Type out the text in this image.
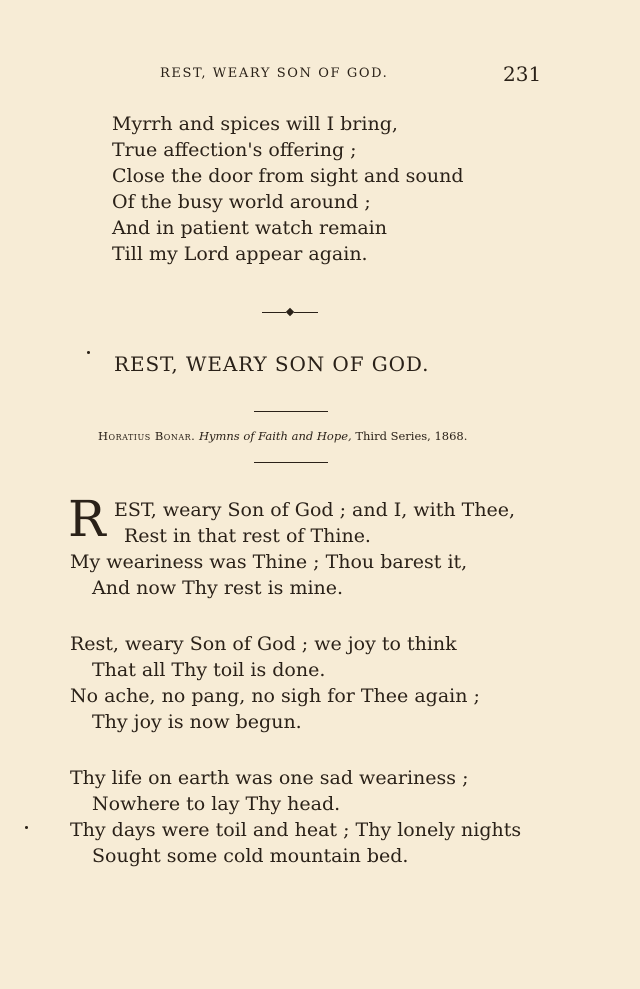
REST, WEARY SON OF GOD.	231
Myrrh and spices will I bring,
True affection's offering ;
Close the door from sight and sound
Of the busy world around ;
And in patient watch remain
Till my Lord appear again.
REST, WEARY SON OF GOD.
Horatius Bonar. Hymns of Faith and Hope, Third Series, 1868.
R EST, weary Son of God ; and I, with Thee,
Rest in that rest of Thine.
My weariness was Thine ; Thou barest it,
And now Thy rest is mine.
Rest, weary Son of God ; we joy to think
That all Thy toil is done.
No ache, no pang, no sigh for Thee again ;
Thy joy is now begun.
Thy life on earth was one sad weariness ;
Nowhere to lay Thy head.
Thy days were toil and heat ; Thy lonely nights
Sought some cold mountain bed.
